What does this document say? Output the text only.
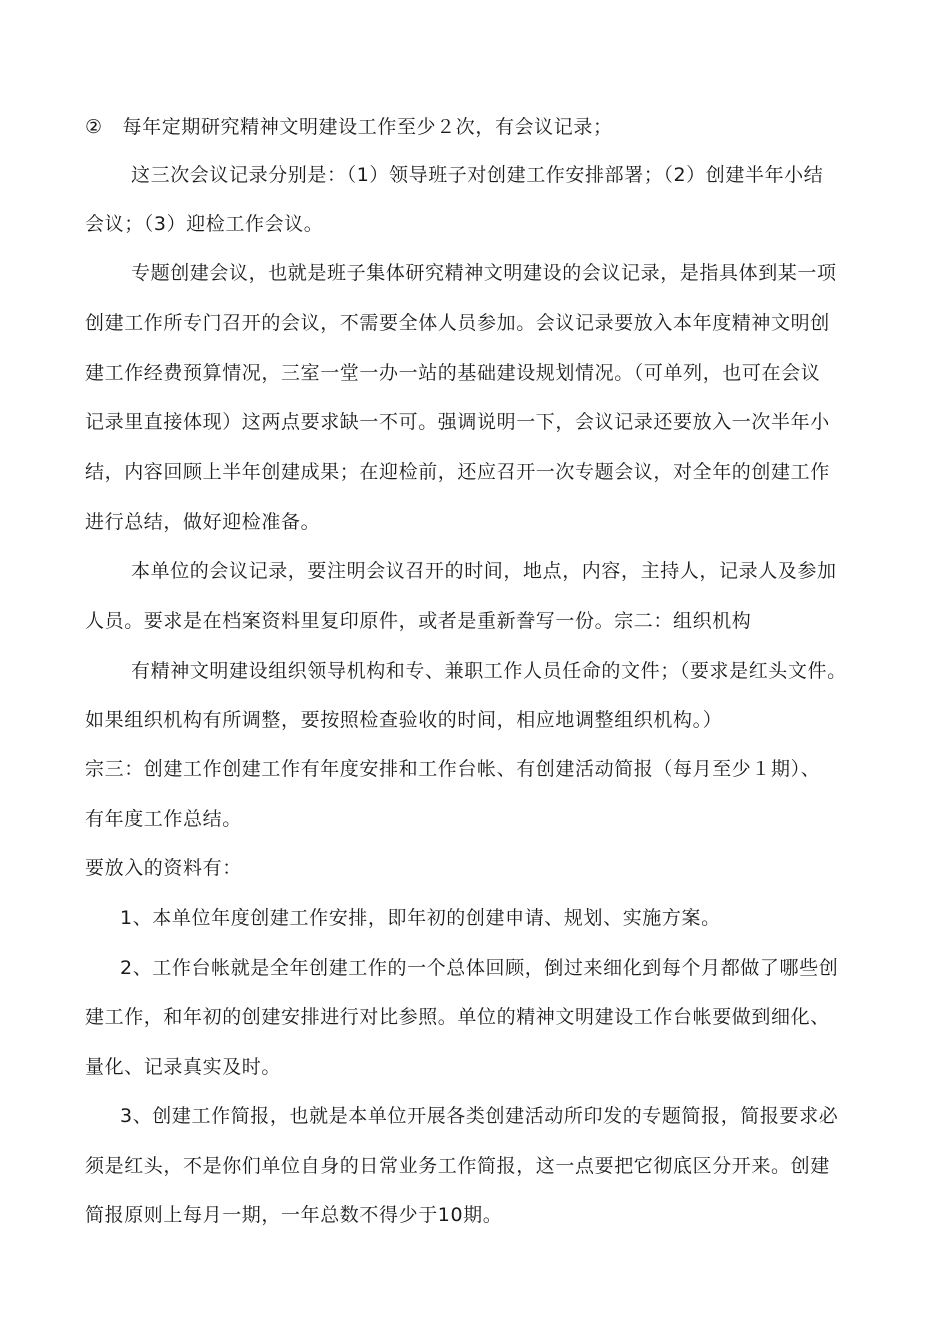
②   每年定期研究精神文明建设工作至少２次，有会议记录；
这三次会议记录分别是：（1）领导班子对创建工作安排部署；（2）创建半年小结
会议；（3）迎检工作会议。
专题创建会议，也就是班子集体研究精神文明建设的会议记录，是指具体到某一项
创建工作所专门召开的会议，不需要全体人员参加。会议记录要放入本年度精神文明创
建工作经费预算情况，三室一堂一办一站的基础建设规划情况。（可单列，也可在会议
记录里直接体现）这两点要求缺一不可。强调说明一下，会议记录还要放入一次半年小
结，内容回顾上半年创建成果；在迎检前，还应召开一次专题会议，对全年的创建工作
进行总结，做好迎检准备。
本单位的会议记录，要注明会议召开的时间，地点，内容，主持人，记录人及参加
人员。要求是在档案资料里复印原件，或者是重新誊写一份。宗二：组织机构
有精神文明建设组织领导机构和专、兼职工作人员任命的文件；（要求是红头文件。
如果组织机构有所调整，要按照检查验收的时间，相应地调整组织机构。）
宗三：创建工作创建工作有年度安排和工作台帐、有创建活动简报（每月至少１期）、
有年度工作总结。
要放入的资料有：
1、本单位年度创建工作安排，即年初的创建申请、规划、实施方案。
2、工作台帐就是全年创建工作的一个总体回顾，倒过来细化到每个月都做了哪些创
建工作，和年初的创建安排进行对比参照。单位的精神文明建设工作台帐要做到细化、
量化、记录真实及时。
3、创建工作简报，也就是本单位开展各类创建活动所印发的专题简报，简报要求必
须是红头，不是你们单位自身的日常业务工作简报，这一点要把它彻底区分开来。创建
简报原则上每月一期，一年总数不得少于10期。
